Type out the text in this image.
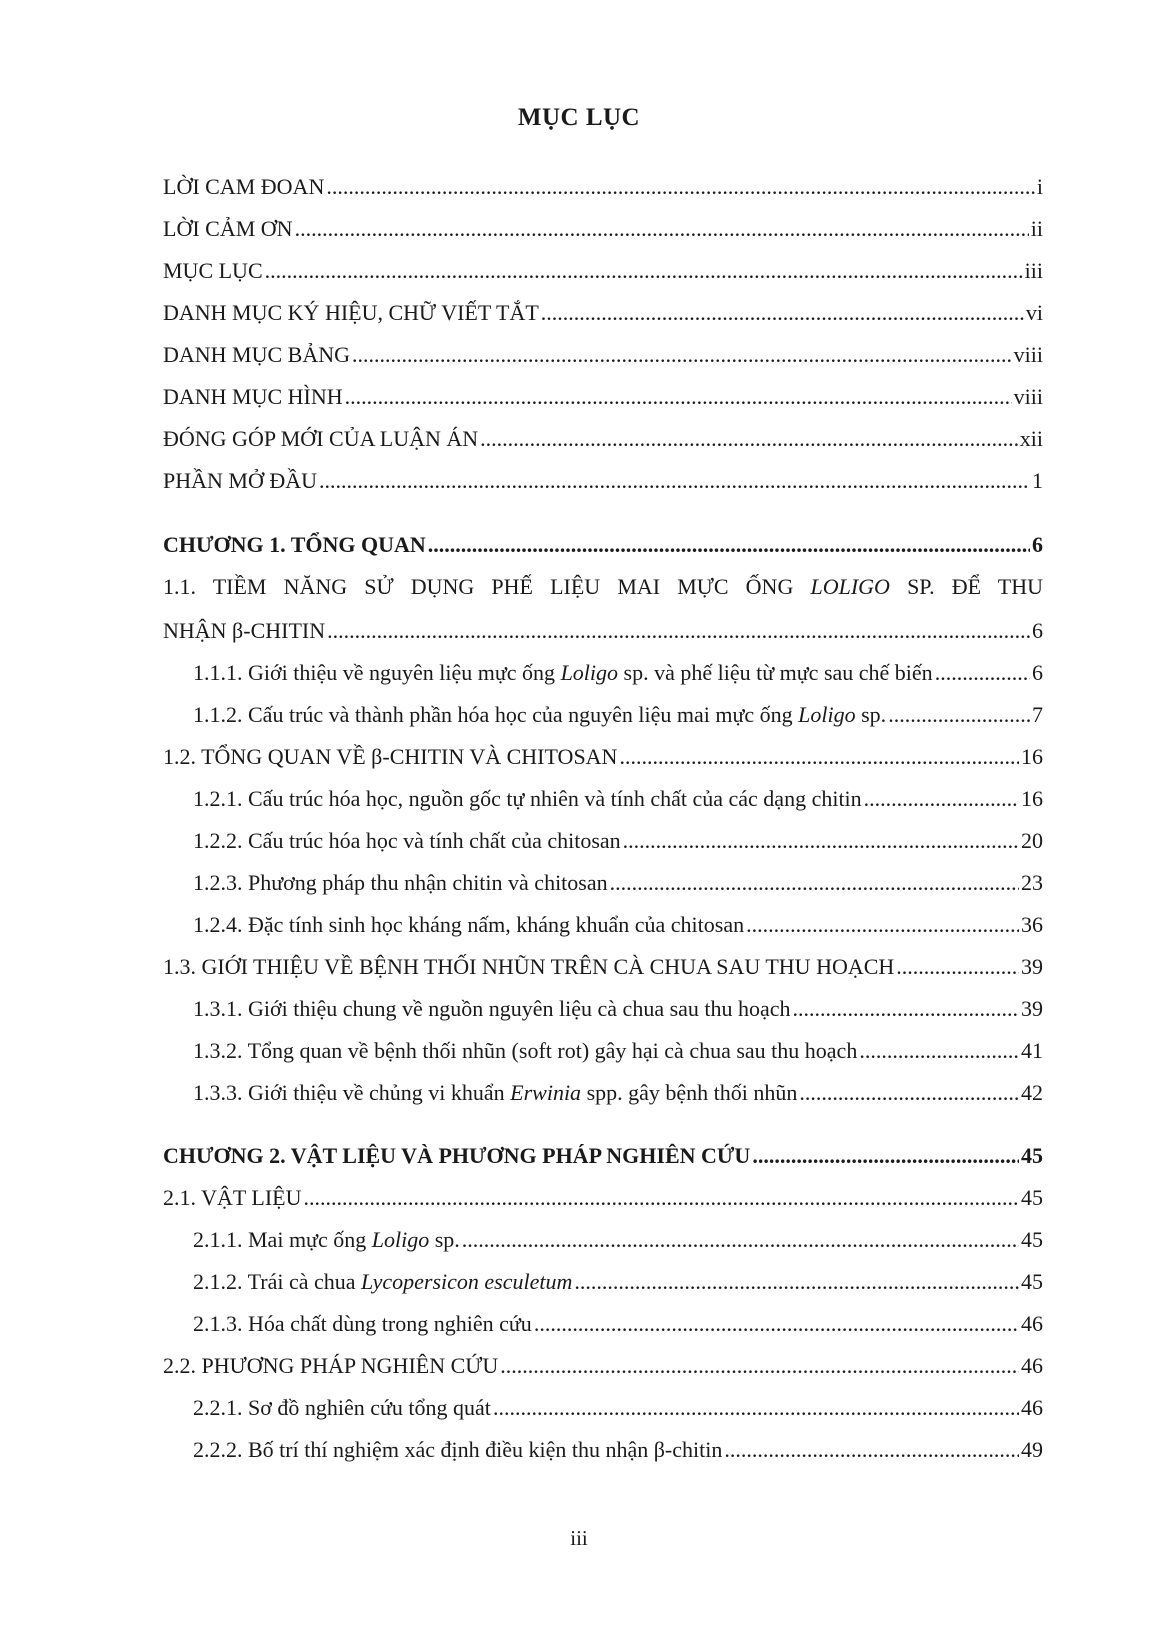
MỤC LỤC
LỜI CAM ĐOAN .....	i
LỜI CẢM ƠN .....	ii
MỤC LỤC .....	iii
DANH MỤC KÝ HIỆU, CHỮ VIẾT TẮT .....	vi
DANH MỤC BẢNG .....	viii
DANH MỤC HÌNH .....	viii
ĐÓNG GÓP MỚI CỦA LUẬN ÁN .....	xii
PHẦN MỞ ĐẦU .....	1
CHƯƠNG 1. TỔNG QUAN .....	6
1.1. TIỀM NĂNG SỬ DỤNG PHẾ LIỆU MAI MỰC ỐNG LOLIGO SP. ĐỂ THU
NHẬN β-CHITIN .....	6
1.1.1. Giới thiệu về nguyên liệu mực ống Loligo sp. và phế liệu từ mực sau chế biến .....	6
1.1.2. Cấu trúc và thành phần hóa học của nguyên liệu mai mực ống Loligo sp. .....	7
1.2. TỔNG QUAN VỀ β-CHITIN VÀ CHITOSAN .....	16
1.2.1. Cấu trúc hóa học, nguồn gốc tự nhiên và tính chất của các dạng chitin .....	16
1.2.2. Cấu trúc hóa học và tính chất của chitosan .....	20
1.2.3. Phương pháp thu nhận chitin và chitosan .....	23
1.2.4. Đặc tính sinh học kháng nấm, kháng khuẩn của chitosan .....	36
1.3. GIỚI THIỆU VỀ BỆNH THỐI NHŨN TRÊN CÀ CHUA SAU THU HOẠCH .....	39
1.3.1. Giới thiệu chung về nguồn nguyên liệu cà chua sau thu hoạch .....	39
1.3.2. Tổng quan về bệnh thối nhũn (soft rot) gây hại cà chua sau thu hoạch .....	41
1.3.3. Giới thiệu về chủng vi khuẩn Erwinia spp. gây bệnh thối nhũn .....	42
CHƯƠNG 2. VẬT LIỆU VÀ PHƯƠNG PHÁP NGHIÊN CỨU .....	45
2.1. VẬT LIỆU .....	45
2.1.1. Mai mực ống Loligo sp. .....	45
2.1.2. Trái cà chua Lycopersicon esculetum .....	45
2.1.3. Hóa chất dùng trong nghiên cứu .....	46
2.2. PHƯƠNG PHÁP NGHIÊN CỨU .....	46
2.2.1. Sơ đồ nghiên cứu tổng quát .....	46
2.2.2. Bố trí thí nghiệm xác định điều kiện thu nhận β-chitin .....	49
iii
